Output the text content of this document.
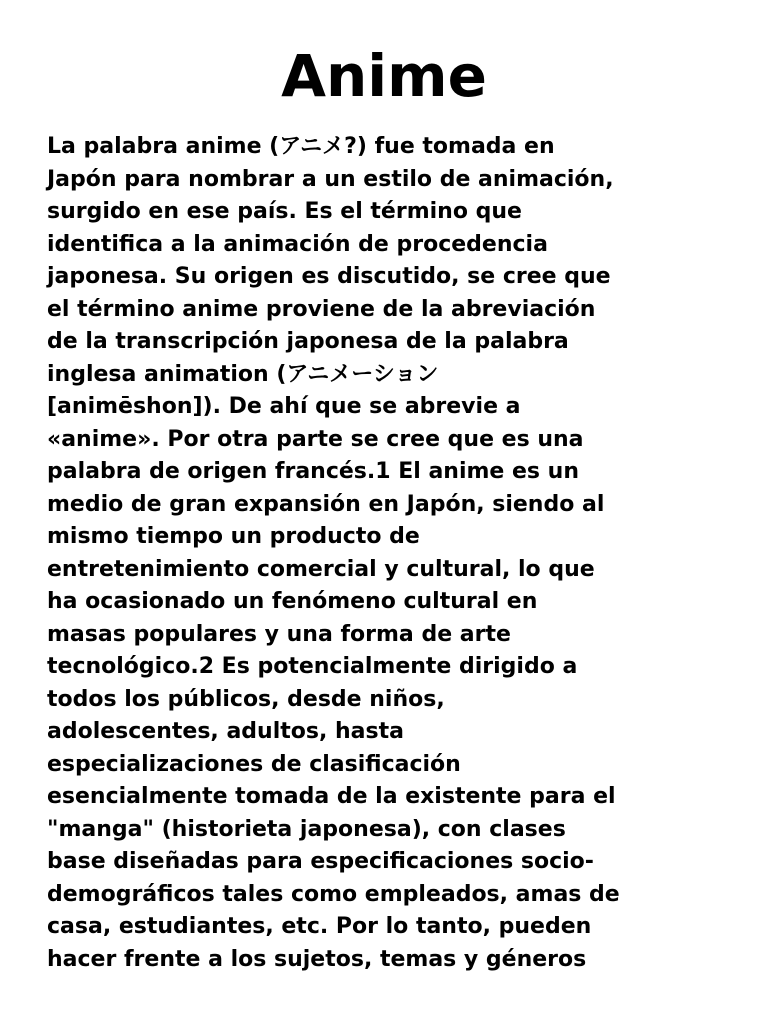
Anime
La palabra anime (アニメ?) fue tomada en
Japón para nombrar a un estilo de animación,
surgido en ese país. Es el término que
identifica a la animación de procedencia
japonesa. Su origen es discutido, se cree que
el término anime proviene de la abreviación
de la transcripción japonesa de la palabra
inglesa animation (アニメーション
[animēshon]). De ahí que se abrevie a
«anime». Por otra parte se cree que es una
palabra de origen francés.1 El anime es un
medio de gran expansión en Japón, siendo al
mismo tiempo un producto de
entretenimiento comercial y cultural, lo que
ha ocasionado un fenómeno cultural en
masas populares y una forma de arte
tecnológico.2 Es potencialmente dirigido a
todos los públicos, desde niños,
adolescentes, adultos, hasta
especializaciones de clasificación
esencialmente tomada de la existente para el
"manga" (historieta japonesa), con clases
base diseñadas para especificaciones socio-
demográficos tales como empleados, amas de
casa, estudiantes, etc. Por lo tanto, pueden
hacer frente a los sujetos, temas y géneros
